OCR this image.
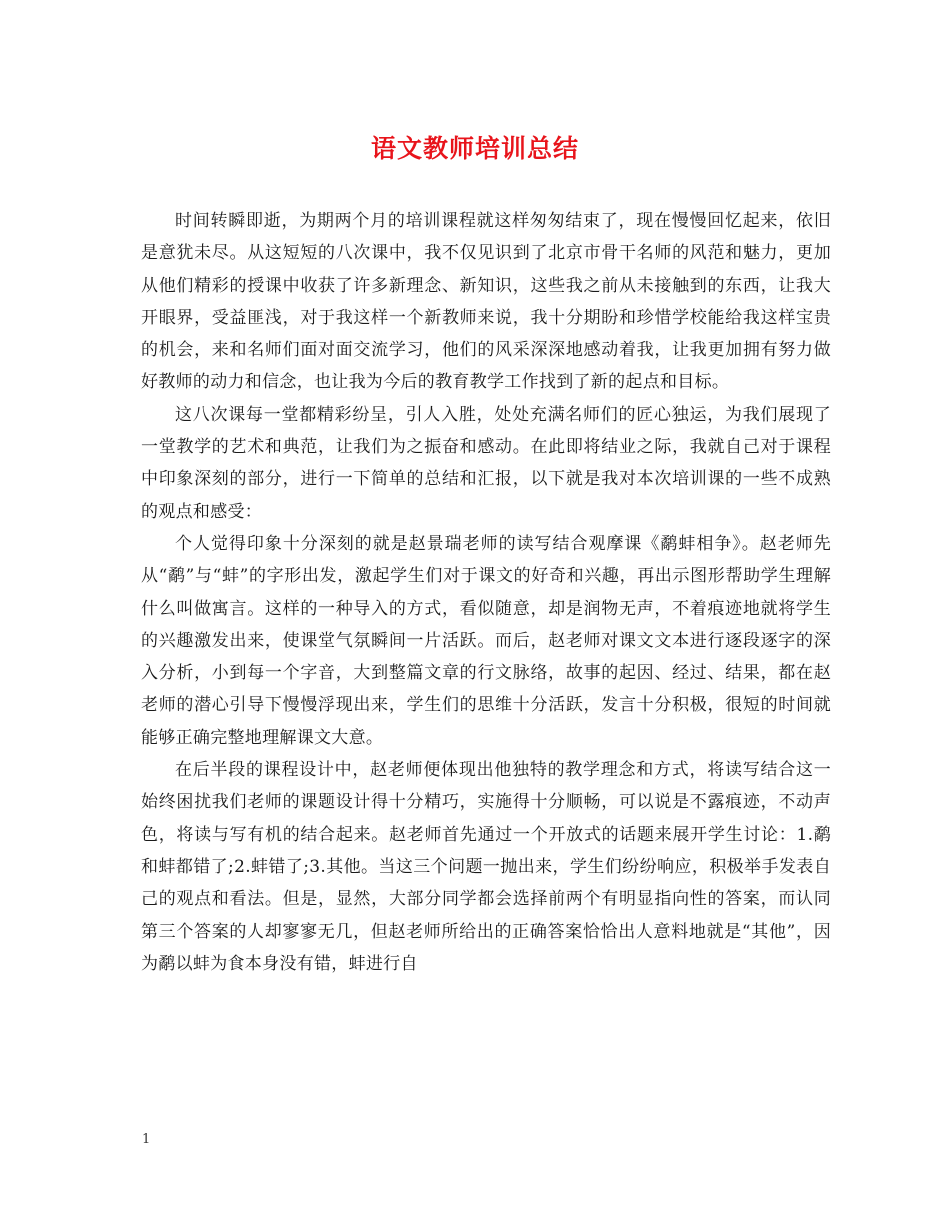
语文教师培训总结

时间转瞬即逝，为期两个月的培训课程就这样匆匆结束了，现在慢慢回忆起来，依旧是意犹未尽。从这短短的八次课中，我不仅见识到了北京市骨干名师的风范和魅力，更加从他们精彩的授课中收获了许多新理念、新知识，这些我之前从未接触到的东西，让我大开眼界，受益匪浅，对于我这样一个新教师来说，我十分期盼和珍惜学校能给我这样宝贵的机会，来和名师们面对面交流学习，他们的风采深深地感动着我，让我更加拥有努力做好教师的动力和信念，也让我为今后的教育教学工作找到了新的起点和目标。

这八次课每一堂都精彩纷呈，引人入胜，处处充满名师们的匠心独运，为我们展现了一堂教学的艺术和典范，让我们为之振奋和感动。在此即将结业之际，我就自己对于课程中印象深刻的部分，进行一下简单的总结和汇报，以下就是我对本次培训课的一些不成熟的观点和感受：

个人觉得印象十分深刻的就是赵景瑞老师的读写结合观摩课《鹬蚌相争》。赵老师先从“鹬”与“蚌”的字形出发，激起学生们对于课文的好奇和兴趣，再出示图形帮助学生理解什么叫做寓言。这样的一种导入的方式，看似随意，却是润物无声，不着痕迹地就将学生的兴趣激发出来，使课堂气氛瞬间一片活跃。而后，赵老师对课文文本进行逐段逐字的深入分析，小到每一个字音，大到整篇文章的行文脉络，故事的起因、经过、结果，都在赵老师的潜心引导下慢慢浮现出来，学生们的思维十分活跃，发言十分积极，很短的时间就能够正确完整地理解课文大意。

在后半段的课程设计中，赵老师便体现出他独特的教学理念和方式，将读写结合这一始终困扰我们老师的课题设计得十分精巧，实施得十分顺畅，可以说是不露痕迹，不动声色，将读与写有机的结合起来。赵老师首先通过一个开放式的话题来展开学生讨论：1.鹬和蚌都错了;2.蚌错了;3.其他。当这三个问题一抛出来，学生们纷纷响应，积极举手发表自己的观点和看法。但是，显然，大部分同学都会选择前两个有明显指向性的答案，而认同第三个答案的人却寥寥无几，但赵老师所给出的正确答案恰恰出人意料地就是“其他”，因为鹬以蚌为食本身没有错，蚌进行自

1
